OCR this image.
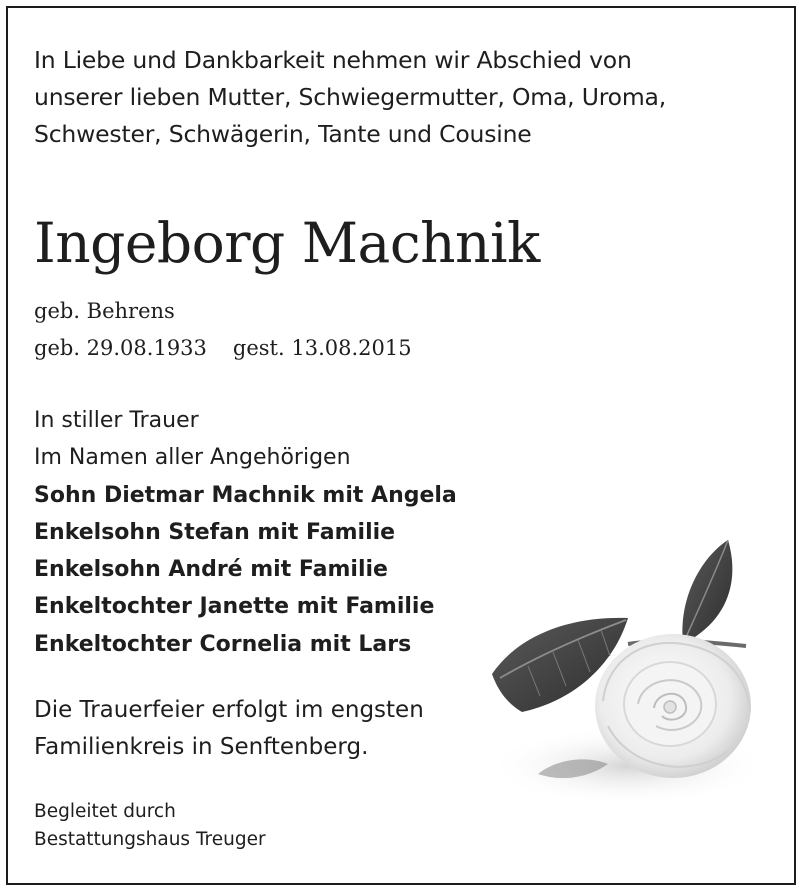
In Liebe und Dankbarkeit nehmen wir Abschied von
unserer lieben Mutter, Schwiegermutter, Oma, Uroma,
Schwester, Schwägerin, Tante und Cousine
Ingeborg Machnik
geb. Behrens
geb. 29.08.1933 gest. 13.08.2015
In stiller Trauer
Im Namen aller Angehörigen
Sohn Dietmar Machnik mit Angela
Enkelsohn Stefan mit Familie
Enkelsohn André mit Familie
Enkeltochter Janette mit Familie
Enkeltochter Cornelia mit Lars
Die Trauerfeier erfolgt im engsten
Familienkreis in Senftenberg.
Begleitet durch
Bestattungshaus Treuger
